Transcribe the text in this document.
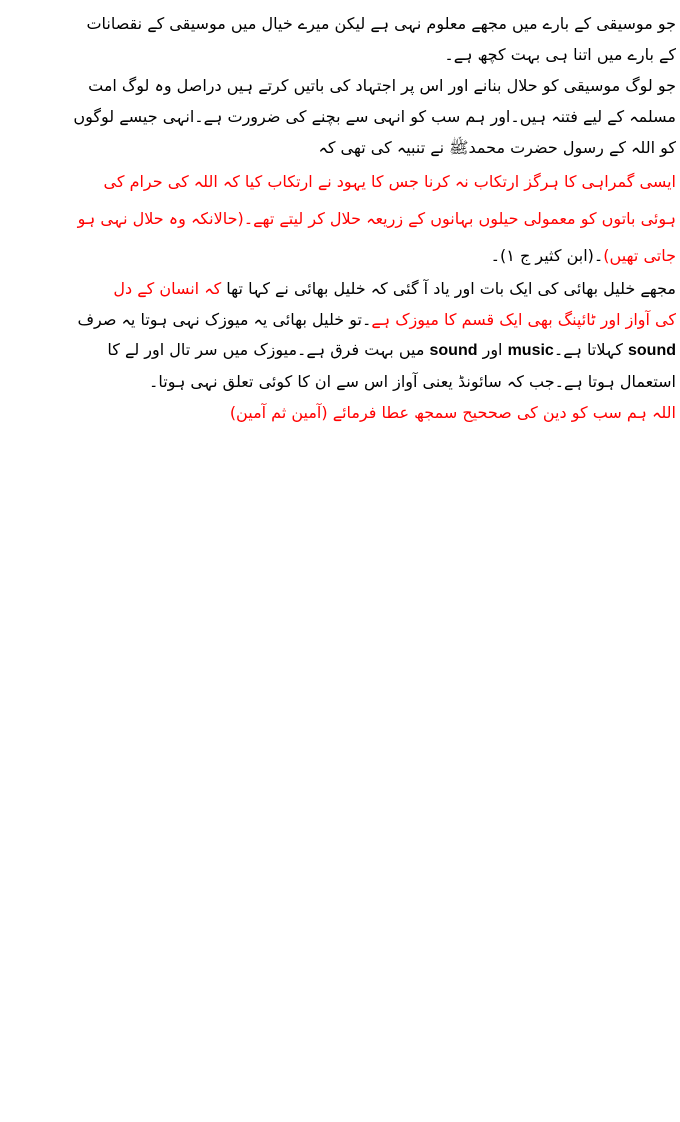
جو موسیقی کے بارے میں مجھے معلوم نہی ہے لیکن میرے خیال میں موسیقی کے نقصانات
کے بارے میں اتنا ہی بہت کچھ ہے۔
جو لوگ موسیقی کو حلال بنانے اور اس پر اجتہاد کی باتیں کرتے ہیں دراصل وہ لوگ امت
مسلمہ کے لیے فتنہ ہیں۔اور ہم سب کو انہی سے بچنے کی ضرورت ہے۔انہی جیسے لوگوں
کو اللہ کے رسول حضرت محمدﷺ نے تنبیہ کی تھی کہ
ایسی گمراہی کا ہرگز ارتکاب نہ کرنا جس کا یہود نے ارتکاب کیا کہ اللہ کی حرام کی
ہوئی باتوں کو معمولی حیلوں بہانوں کے زریعہ حلال کر لیتے تھے۔(حالانکہ وہ حلال نہی ہو
جاتی تھیں)۔(ابن کثیر ج ۱)۔
مجھے خلیل بھائی کی ایک بات اور یاد آ گئی کہ خلیل بھائی نے کہا تھا کہ انسان کے دل
کی آواز اور ٹائپنگ بھی ایک قسم کا میوزک ہے۔تو خلیل بھائی یہ میوزک نہی ہوتا یہ صرف
sound کہلاتا ہے۔music اور sound میں بہت فرق ہے۔میوزک میں سر تال اور لے کا
استعمال ہوتا ہے۔جب کہ سائونڈ یعنی آواز اس سے ان کا کوئی تعلق نہی ہوتا۔
اللہ ہم سب کو دین کی صححیح سمجھ عطا فرمائے (آمین ثم آمین)
